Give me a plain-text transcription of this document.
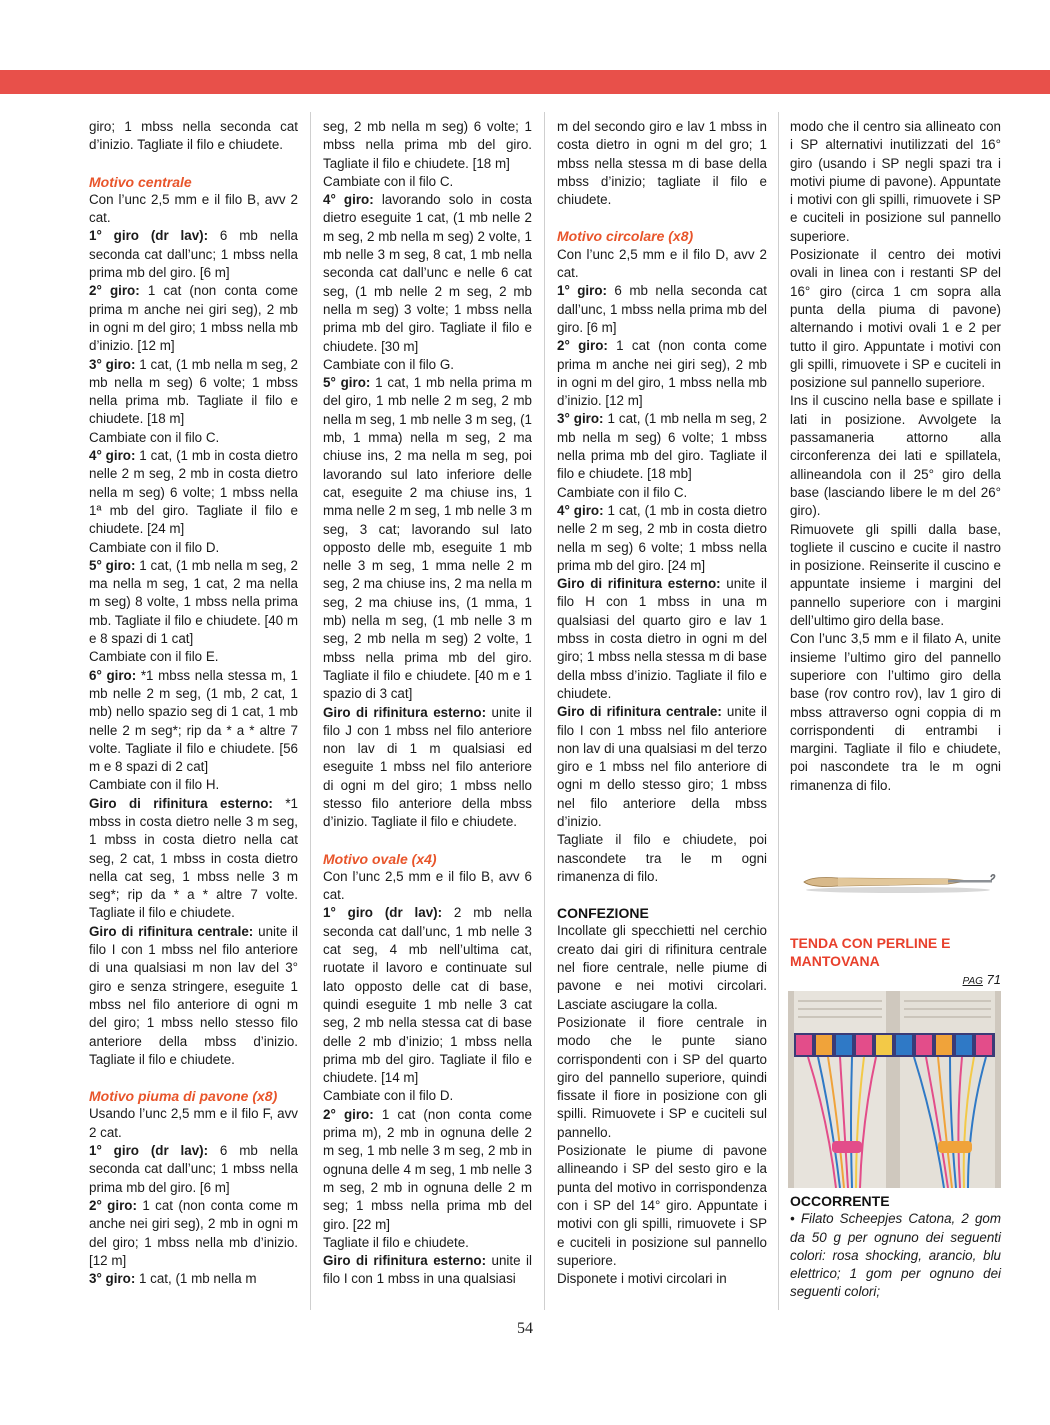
giro; 1 mbss nella seconda cat d’inizio. Tagliate il filo e chiudete.

Motivo centrale

Con l’unc 2,5 mm e il filo B, avv 2 cat.

1° giro (dr lav): 6 mb nella seconda cat dall’unc; 1 mbss nella prima mb del giro. [6 m]

2° giro: 1 cat (non conta come prima m anche nei giri seg), 2 mb in ogni m del giro; 1 mbss nella mb d’inizio. [12 m]

3° giro: 1 cat, (1 mb nella m seg, 2 mb nella m seg) 6 volte; 1 mbss nella prima mb. Tagliate il filo e chiudete. [18 m]

Cambiate con il filo C.

4° giro: 1 cat, (1 mb in costa dietro nelle 2 m seg, 2 mb in costa dietro nella m seg) 6 volte; 1 mbss nella 1ª mb del giro. Tagliate il filo e chiudete. [24 m]

Cambiate con il filo D.

5° giro: 1 cat, (1 mb nella m seg, 2 ma nella m seg, 1 cat, 2 ma nella m seg) 8 volte, 1 mbss nella prima mb. Tagliate il filo e chiudete. [40 m e 8 spazi di 1 cat]

Cambiate con il filo E.

6° giro: *1 mbss nella stessa m, 1 mb nelle 2 m seg, (1 mb, 2 cat, 1 mb) nello spazio seg di 1 cat, 1 mb nelle 2 m seg*; rip da * a * altre 7 volte. Tagliate il filo e chiudete. [56 m e 8 spazi di 2 cat]

Cambiate con il filo H.

Giro di rifinitura esterno: *1 mbss in costa dietro nelle 3 m seg, 1 mbss in costa dietro nella cat seg, 2 cat, 1 mbss in costa dietro nella cat seg, 1 mbss nelle 3 m seg*; rip da * a * altre 7 volte. Tagliate il filo e chiudete.

Giro di rifinitura centrale: unite il filo I con 1 mbss nel filo anteriore di una qualsiasi m non lav del 3° giro e senza stringere, eseguite 1 mbss nel filo anteriore di ogni m del giro; 1 mbss nello stesso filo anteriore della mbss d’inizio. Tagliate il filo e chiudete.

Motivo piuma di pavone (x8)

Usando l’unc 2,5 mm e il filo F, avv 2 cat.

1° giro (dr lav): 6 mb nella seconda cat dall’unc; 1 mbss nella prima mb del giro. [6 m]

2° giro: 1 cat (non conta come m anche nei giri seg), 2 mb in ogni m del giro; 1 mbss nella mb d’inizio. [12 m]

3° giro: 1 cat, (1 mb nella m

seg, 2 mb nella m seg) 6 volte; 1 mbss nella prima mb del giro. Tagliate il filo e chiudete. [18 m]

Cambiate con il filo C.

4° giro: lavorando solo in costa dietro eseguite 1 cat, (1 mb nelle 2 m seg, 2 mb nella m seg) 2 volte, 1 mb nelle 3 m seg, 8 cat, 1 mb nella seconda cat dall’unc e nelle 6 cat seg, (1 mb nelle 2 m seg, 2 mb nella m seg) 3 volte; 1 mbss nella prima mb del giro. Tagliate il filo e chiudete. [30 m]

Cambiate con il filo G.

5° giro: 1 cat, 1 mb nella prima m del giro, 1 mb nelle 2 m seg, 2 mb nella m seg, 1 mb nelle 3 m seg, (1 mb, 1 mma) nella m seg, 2 ma chiuse ins, 2 ma nella m seg, poi lavorando sul lato inferiore delle cat, eseguite 2 ma chiuse ins, 1 mma nelle 2 m seg, 1 mb nelle 3 m seg, 3 cat; lavorando sul lato opposto delle mb, eseguite 1 mb nelle 3 m seg, 1 mma nelle 2 m seg, 2 ma chiuse ins, 2 ma nella m seg, 2 ma chiuse ins, (1 mma, 1 mb) nella m seg, (1 mb nelle 3 m seg, 2 mb nella m seg) 2 volte, 1 mbss nella prima mb del giro. Tagliate il filo e chiudete. [40 m e 1 spazio di 3 cat]

Giro di rifinitura esterno: unite il filo J con 1 mbss nel filo anteriore non lav di 1 m qualsiasi ed eseguite 1 mbss nel filo anteriore di ogni m del giro; 1 mbss nello stesso filo anteriore della mbss d’inizio. Tagliate il filo e chiudete.

Motivo ovale (x4)

Con l’unc 2,5 mm e il filo B, avv 6 cat.

1° giro (dr lav): 2 mb nella seconda cat dall’unc, 1 mb nelle 3 cat seg, 4 mb nell’ultima cat, ruotate il lavoro e continuate sul lato opposto delle cat di base, quindi eseguite 1 mb nelle 3 cat seg, 2 mb nella stessa cat di base delle 2 mb d’inizio; 1 mbss nella prima mb del giro. Tagliate il filo e chiudete. [14 m]

Cambiate con il filo D.

2° giro: 1 cat (non conta come prima m), 2 mb in ognuna delle 2 m seg, 1 mb nelle 3 m seg, 2 mb in ognuna delle 4 m seg, 1 mb nelle 3 m seg, 2 mb in ognuna delle 2 m seg; 1 mbss nella prima mb del giro. [22 m]

Tagliate il filo e chiudete.

Giro di rifinitura esterno: unite il filo I con 1 mbss in una qualsiasi

m del secondo giro e lav 1 mbss in costa dietro in ogni m del gro; 1 mbss nella stessa m di base della mbss d’inizio; tagliate il filo e chiudete.

Motivo circolare (x8)

Con l’unc 2,5 mm e il filo D, avv 2 cat.

1° giro: 6 mb nella seconda cat dall’unc, 1 mbss nella prima mb del giro. [6 m]

2° giro: 1 cat (non conta come prima m anche nei giri seg), 2 mb in ogni m del giro, 1 mbss nella mb d’inizio. [12 m]

3° giro: 1 cat, (1 mb nella m seg, 2 mb nella m seg) 6 volte; 1 mbss nella prima mb del giro. Tagliate il filo e chiudete. [18 mb]

Cambiate con il filo C.

4° giro: 1 cat, (1 mb in costa dietro nelle 2 m seg, 2 mb in costa dietro nella m seg) 6 volte; 1 mbss nella prima mb del giro. [24 m]

Giro di rifinitura esterno: unite il filo H con 1 mbss in una m qualsiasi del quarto giro e lav 1 mbss in costa dietro in ogni m del giro; 1 mbss nella stessa m di base della mbss d’inizio. Tagliate il filo e chiudete.

Giro di rifinitura centrale: unite il filo I con 1 mbss nel filo anteriore non lav di una qualsiasi m del terzo giro e 1 mbss nel filo anteriore di ogni m dello stesso giro; 1 mbss nel filo anteriore della mbss d’inizio.

Tagliate il filo e chiudete, poi nascondete tra le m ogni rimanenza di filo.

CONFEZIONE

Incollate gli specchietti nel cerchio creato dai giri di rifinitura centrale nel fiore centrale, nelle piume di pavone e nei motivi circolari. Lasciate asciugare la colla.

Posizionate il fiore centrale in modo che le punte siano corrispondenti con i SP del quarto giro del pannello superiore, quindi fissate il fiore in posizione con gli spilli. Rimuovete i SP e cuciteli sul pannello.

Posizionate le piume di pavone allineando i SP del sesto giro e la punta del motivo in corrispondenza con i SP del 14° giro. Appuntate i motivi con gli spilli, rimuovete i SP e cuciteli in posizione sul pannello superiore.

Disponete i motivi circolari in

modo che il centro sia allineato con i SP alternativi inutilizzati del 16° giro (usando i SP negli spazi tra i motivi piume di pavone). Appuntate i motivi con gli spilli, rimuovete i SP e cuciteli in posizione sul pannello superiore.

Posizionate il centro dei motivi ovali in linea con i restanti SP del 16° giro (circa 1 cm sopra alla punta della piuma di pavone) alternando i motivi ovali 1 e 2 per tutto il giro. Appuntate i motivi con gli spilli, rimuovete i SP e cuciteli in posizione sul pannello superiore.

Ins il cuscino nella base e spillate i lati in posizione. Avvolgete la passamaneria attorno alla circonferenza dei lati e spillatela, allineandola con il 25° giro della base (lasciando libere le m del 26° giro).

Rimuovete gli spilli dalla base, togliete il cuscino e cucite il nastro in posizione. Reinserite il cuscino e appuntate insieme i margini del pannello superiore con i margini dell’ultimo giro della base.

Con l’unc 3,5 mm e il filato A, unite insieme l’ultimo giro del pannello superiore con l’ultimo giro della base (rov contro rov), lav 1 giro di mbss attraverso ogni coppia di m corrispondenti di entrambi i margini. Tagliate il filo e chiudete, poi nascondete tra le m ogni rimanenza di filo.

TENDA CON PERLINE E MANTOVANA

PAG 71

OCCORRENTE

• Filato Scheepjes Catona, 2 gom da 50 g per ognuno dei seguenti colori: rosa shocking, arancio, blu elettrico; 1 gom per ognuno dei seguenti colori;

54
